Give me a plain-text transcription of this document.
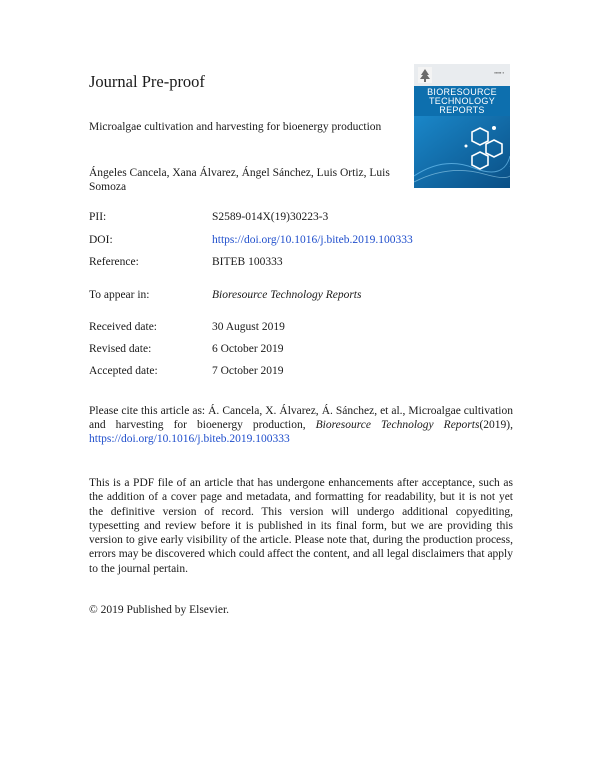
Journal Pre-proof	▪▪▪▪▪ ▪
BIORESOURCE
TECHNOLOGY
REPORTS
Microalgae cultivation and harvesting for bioenergy production
Ángeles Cancela, Xana Álvarez, Ángel Sánchez, Luis Ortiz, Luis Somoza
PII:	S2589-014X(19)30223-3
DOI:	https://doi.org/10.1016/j.biteb.2019.100333
Reference:	BITEB 100333
To appear in:	Bioresource Technology Reports
Received date:	30 August 2019
Revised date:	6 October 2019
Accepted date:	7 October 2019
Please cite this article as: Á. Cancela, X. Álvarez, Á. Sánchez, et al., Microalgae cultivation and harvesting for bioenergy production, Bioresource Technology Reports(2019), https://doi.org/10.1016/j.biteb.2019.100333
This is a PDF file of an article that has undergone enhancements after acceptance, such as the addition of a cover page and metadata, and formatting for readability, but it is not yet the definitive version of record. This version will undergo additional copyediting, typesetting and review before it is published in its final form, but we are providing this version to give early visibility of the article. Please note that, during the production process, errors may be discovered which could affect the content, and all legal disclaimers that apply to the journal pertain.
© 2019 Published by Elsevier.
